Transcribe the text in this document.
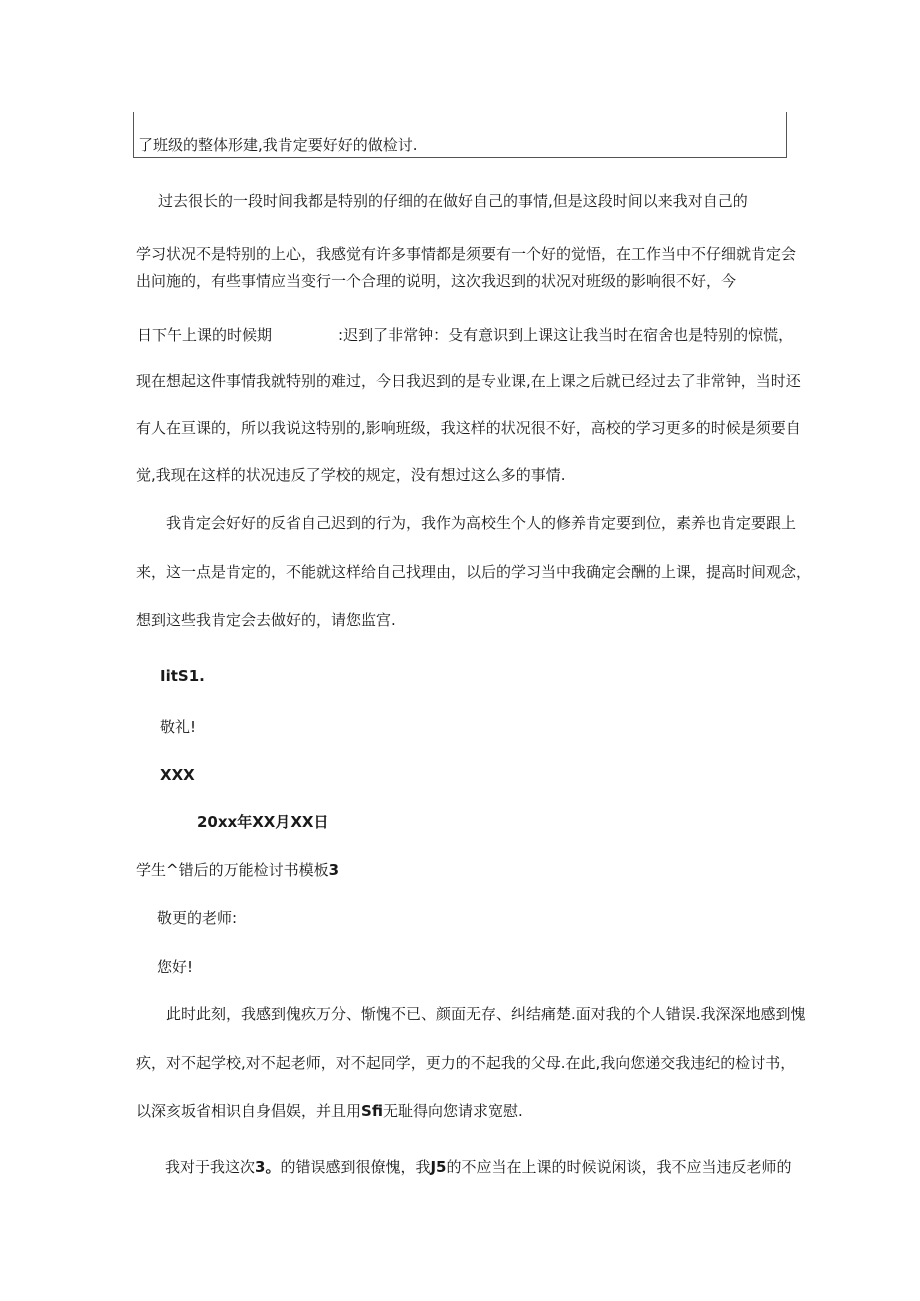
了班级的整体形建,我肯定要好好的做检讨.
过去很长的一段时间我都是特别的仔细的在做好自己的事情,但是这段时间以来我对自己的
学习状况不是特别的上心，我感觉有许多事情都是须要有一个好的觉悟，在工作当中不仔细就肯定会
出问施的，有些事情应当变行一个合理的说明，这次我迟到的状况对班级的影响很不好，今
日下午上课的时候期	:迟到了非常钟：殳有意识到上课这让我当时在宿舍也是特别的惊慌，
现在想起这件事情我就特别的难过，今日我迟到的是专业课,在上课之后就已经过去了非常钟，当时还
有人在亘课的，所以我说这特别的,影响班级，我这样的状况很不好，高校的学习更多的时候是须要自
觉,我现在这样的状况违反了学校的规定，没有想过这么多的事情.
我肯定会好好的反省自己迟到的行为，我作为高校生个人的修养肯定要到位，素养也肯定要跟上
来，这一点是肯定的，不能就这样给自己找理由，以后的学习当中我确定会酬的上课，提高时间观念，
想到这些我肯定会去做好的，请您监宫.
IitS1.
敬礼!
XXX
20xx年XX月XX日
学生^错后的万能检讨书模板3
敬更的老师:
您好!
此时此刻，我感到傀疚万分、惭愧不已、颜面无存、纠结痛楚.面对我的个人错误.我深深地感到愧
疚，对不起学校,对不起老师，对不起同学，更力的不起我的父母.在此,我向您递交我违纪的检讨书，
以深亥坂省相识自身倡娱，并且用Sfi无耻得向您请求宽慰.
我对于我这次3。的错误感到很僚愧，我J5的不应当在上课的时候说闲谈，我不应当违反老师的
